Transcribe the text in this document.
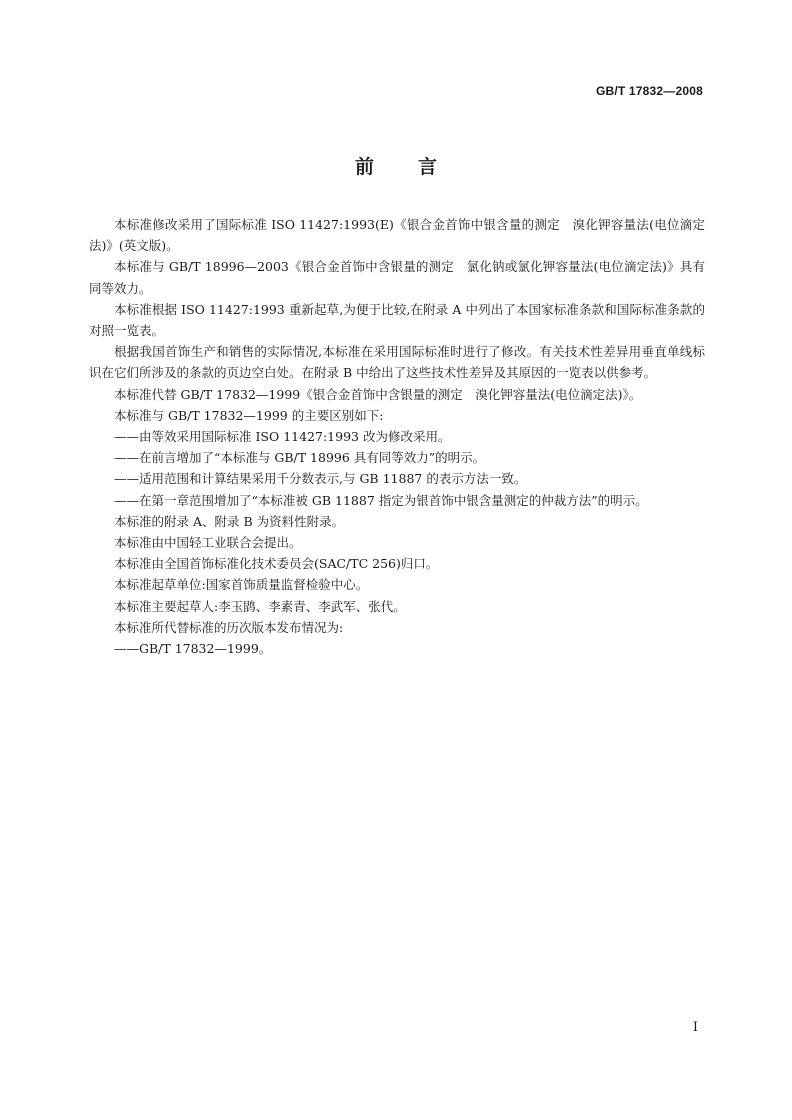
GB/T 17832—2008
前言

本标准修改采用了国际标准 ISO 11427:1993(E)《银合金首饰中银含量的测定　溴化钾容量法(电位滴定法)》(英文版)。

本标准与 GB/T 18996—2003《银合金首饰中含银量的测定　氯化钠或氯化钾容量法(电位滴定法)》具有同等效力。

本标准根据 ISO 11427:1993 重新起草,为便于比较,在附录 A 中列出了本国家标准条款和国际标准条款的对照一览表。

根据我国首饰生产和销售的实际情况,本标准在采用国际标准时进行了修改。有关技术性差异用垂直单线标识在它们所涉及的条款的页边空白处。在附录 B 中给出了这些技术性差异及其原因的一览表以供参考。

本标准代替 GB/T 17832—1999《银合金首饰中含银量的测定　溴化钾容量法(电位滴定法)》。

本标准与 GB/T 17832—1999 的主要区别如下:

——由等效采用国际标准 ISO 11427:1993 改为修改采用。

——在前言增加了“本标准与 GB/T 18996 具有同等效力”的明示。

——适用范围和计算结果采用千分数表示,与 GB 11887 的表示方法一致。

——在第一章范围增加了“本标准被 GB 11887 指定为银首饰中银含量测定的仲裁方法”的明示。

本标准的附录 A、附录 B 为资料性附录。

本标准由中国轻工业联合会提出。

本标准由全国首饰标准化技术委员会(SAC/TC 256)归口。

本标准起草单位:国家首饰质量监督检验中心。

本标准主要起草人:李玉鹍、李素青、李武军、张代。

本标准所代替标准的历次版本发布情况为:

——GB/T 17832—1999。

I
